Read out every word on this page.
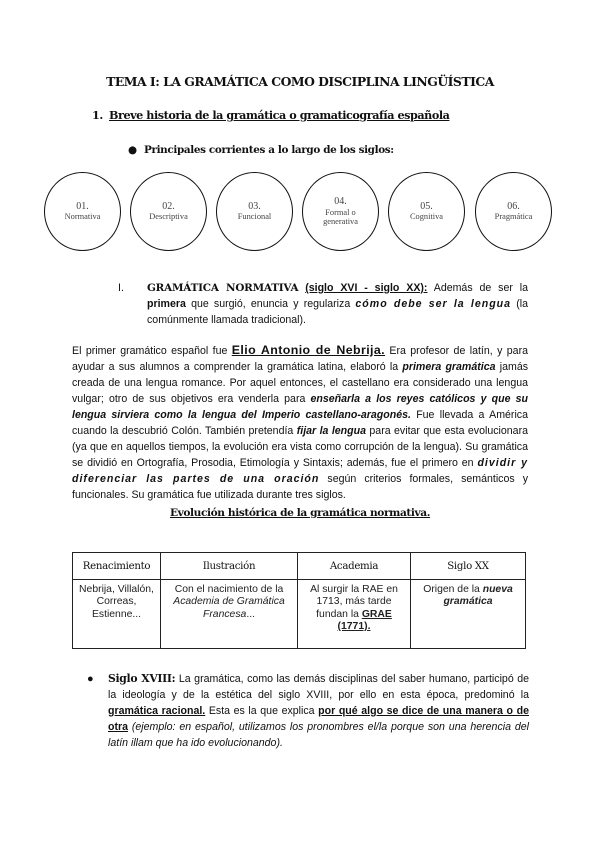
TEMA I: LA GRAMÁTICA COMO DISCIPLINA LINGÜÍSTICA
1. Breve historia de la gramática o gramaticografía española
● Principales corrientes a lo largo de los siglos:
01.
Normativa
02.
Descriptiva
03.
Funcional
04.
Formal o generativa
05.
Cognitiva
06.
Pragmática
I. GRAMÁTICA NORMATIVA (siglo XVI - siglo XX): Además de ser la primera que surgió, enuncia y regulariza cómo debe ser la lengua (la comúnmente llamada tradicional).
El primer gramático español fue Elio Antonio de Nebrija. Era profesor de latín, y para ayudar a sus alumnos a comprender la gramática latina, elaboró la primera gramática jamás creada de una lengua romance. Por aquel entonces, el castellano era considerado una lengua vulgar; otro de sus objetivos era venderla para enseñarla a los reyes católicos y que su lengua sirviera como la lengua del Imperio castellano-aragonés. Fue llevada a América cuando la descubrió Colón. También pretendía fijar la lengua para evitar que esta evolucionara (ya que en aquellos tiempos, la evolución era vista como corrupción de la lengua). Su gramática se dividió en Ortografía, Prosodia, Etimología y Sintaxis; además, fue el primero en dividir y diferenciar las partes de una oración según criterios formales, semánticos y funcionales. Su gramática fue utilizada durante tres siglos.
Evolución histórica de la gramática normativa.
Renacimiento	Ilustración	Academia	Siglo XX
Nebrija, Villalón, Correas, Estienne...	Con el nacimiento de la Academia de Gramática Francesa...	Al surgir la RAE en 1713, más tarde fundan la GRAE (1771).	Origen de la nueva gramática
● Siglo XVIII: La gramática, como las demás disciplinas del saber humano, participó de la ideología y de la estética del siglo XVIII, por ello en esta época, predominó la gramática racional. Esta es la que explica por qué algo se dice de una manera o de otra (ejemplo: en español, utilizamos los pronombres el/la porque son una herencia del latín illam que ha ido evolucionando).
